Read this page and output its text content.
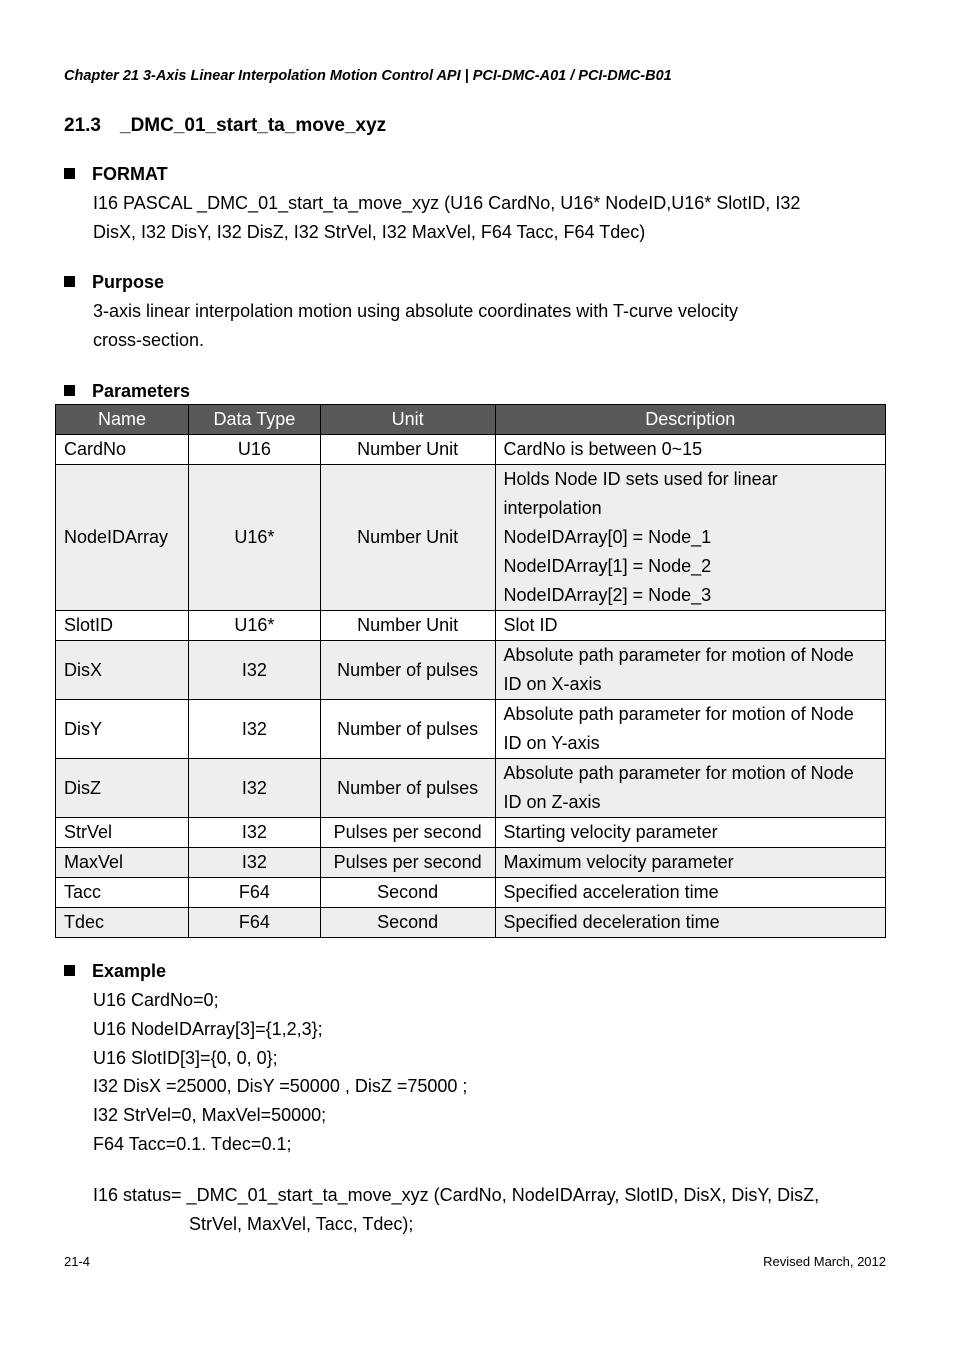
Chapter 21 3-Axis Linear Interpolation Motion Control API | PCI-DMC-A01 / PCI-DMC-B01
21.3 _DMC_01_start_ta_move_xyz
FORMAT
I16 PASCAL _DMC_01_start_ta_move_xyz (U16 CardNo, U16* NodeID,U16* SlotID, I32
DisX, I32 DisY, I32 DisZ, I32 StrVel, I32 MaxVel, F64 Tacc, F64 Tdec)
Purpose
3-axis linear interpolation motion using absolute coordinates with T-curve velocity
cross-section.
Parameters
Name	Data Type	Unit	Description
CardNo	U16	Number Unit	CardNo is between 0~15

NodeIDArray	U16*	Number Unit	Holds Node ID sets used for linear
interpolation
NodeIDArray[0] = Node_1
NodeIDArray[1] = Node_2
NodeIDArray[2] = Node_3

SlotID	U16*	Number Unit	Slot ID

DisX	I32	Number of pulses	Absolute path parameter for motion of Node
ID on X-axis

DisY	I32	Number of pulses	Absolute path parameter for motion of Node
ID on Y-axis

DisZ	I32	Number of pulses	Absolute path parameter for motion of Node
ID on Z-axis

StrVel	I32	Pulses per second	Starting velocity parameter

MaxVel	I32	Pulses per second	Maximum velocity parameter

Tacc	F64	Second	Specified acceleration time

Tdec	F64	Second	Specified deceleration time
Example
U16 CardNo=0;
U16 NodeIDArray[3]={1,2,3};
U16 SlotID[3]={0, 0, 0};
I32 DisX =25000, DisY =50000 , DisZ =75000 ;
I32 StrVel=0, MaxVel=50000;
F64 Tacc=0.1. Tdec=0.1;
I16 status= _DMC_01_start_ta_move_xyz (CardNo, NodeIDArray, SlotID, DisX, DisY, DisZ,
StrVel, MaxVel, Tacc, Tdec);
21-4	Revised March, 2012
